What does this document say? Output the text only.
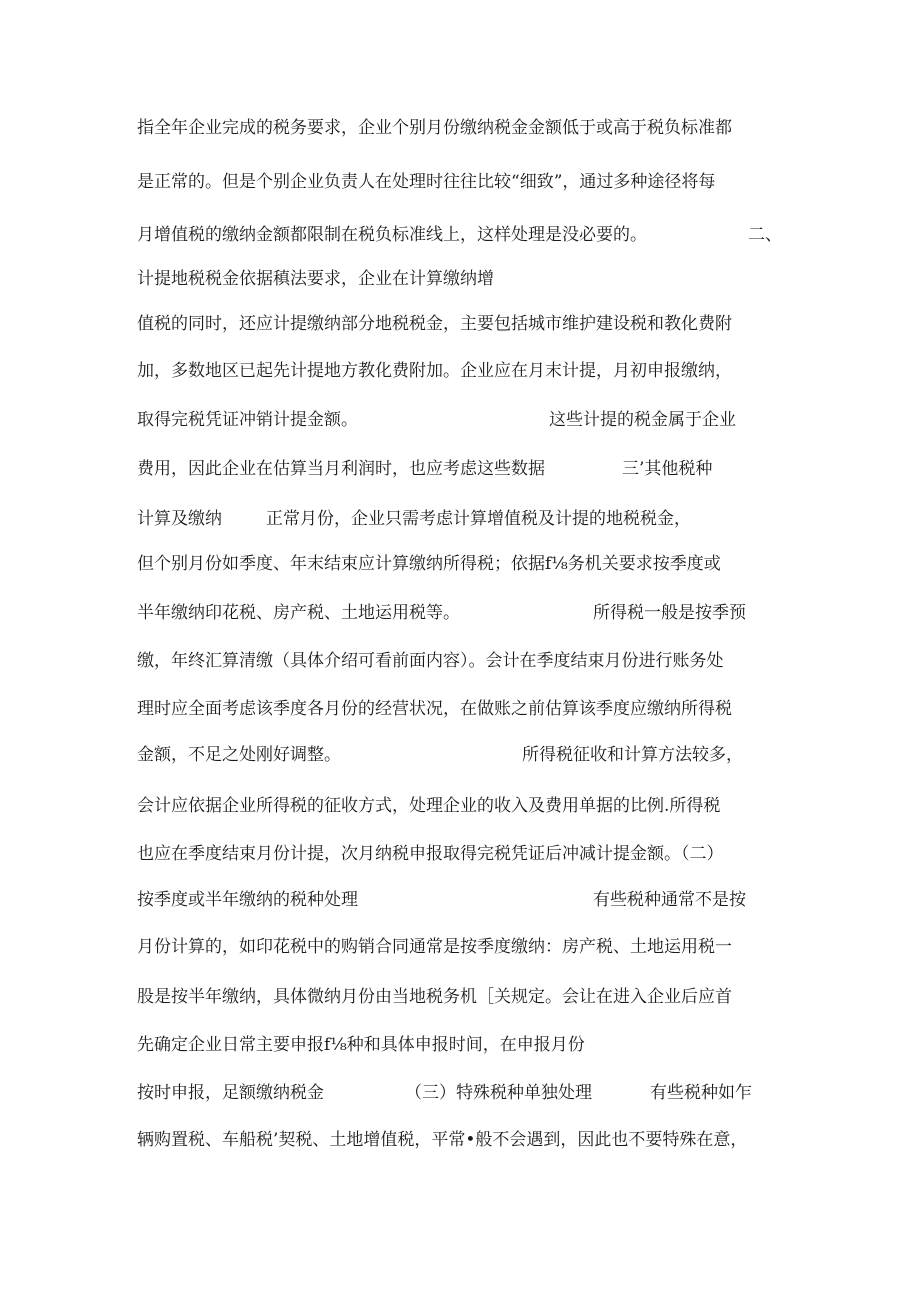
指全年企业完成的税务要求，企业个别月份缴纳税金金额低于或高于税负标准都
是正常的。但是个别企业负责人在处理时往往比较“细致”，通过多种途径将每
月增值税的缴纳金额都限制在税负标准线上，这样处理是没必要的。	二、
计提地税税金依据稹法要求，企业在计算缴纳增
值税的同时，还应计提缴纳部分地税税金，主要包括城市维护建设税和教化费附
加，多数地区已起先计提地方教化费附加。企业应在月末计提，月初申报缴纳，
取得完税凭证冲销计提金额。	这些计提的税金属于企业
费用，因此企业在估算当月利润时，也应考虑这些数据	三’其他税种
计算及缴纳	正常月份，企业只需考虑计算增值税及计提的地税税金，
但个别月份如季度、年末结束应计算缴纳所得税；依据f⅛务机关要求按季度或
半年缴纳印花税、房产税、土地运用税等。	所得税一般是按季预
缴，年终汇算清缴（具体介绍可看前面内容）。会计在季度结束月份进行账务处
理时应全面考虑该季度各月份的经营状况，在做账之前估算该季度应缴纳所得税
金额，不足之处刚好调整。	所得税征收和计算方法较多，
会计应依据企业所得税的征收方式，处理企业的收入及费用单据的比例.所得税
也应在季度结束月份计提，次月纳税申报取得完税凭证后冲减计提金额。（二）
按季度或半年缴纳的税种处理	有些税种通常不是按
月份计算的，如印花税中的购销合同通常是按季度缴纳：房产税、土地运用税一
股是按半年缴纳，具体微纳月份由当地税务机［关规定。会让在进入企业后应首
先确定企业日常主要申报f⅛种和具体申报时间，在申报月份
按时申报，足额缴纳税金	（三）特殊税种单独处理	有些税种如乍
辆购置税、车船税’契税、土地增值税，平常•般不会遇到，因此也不要特殊在意，
